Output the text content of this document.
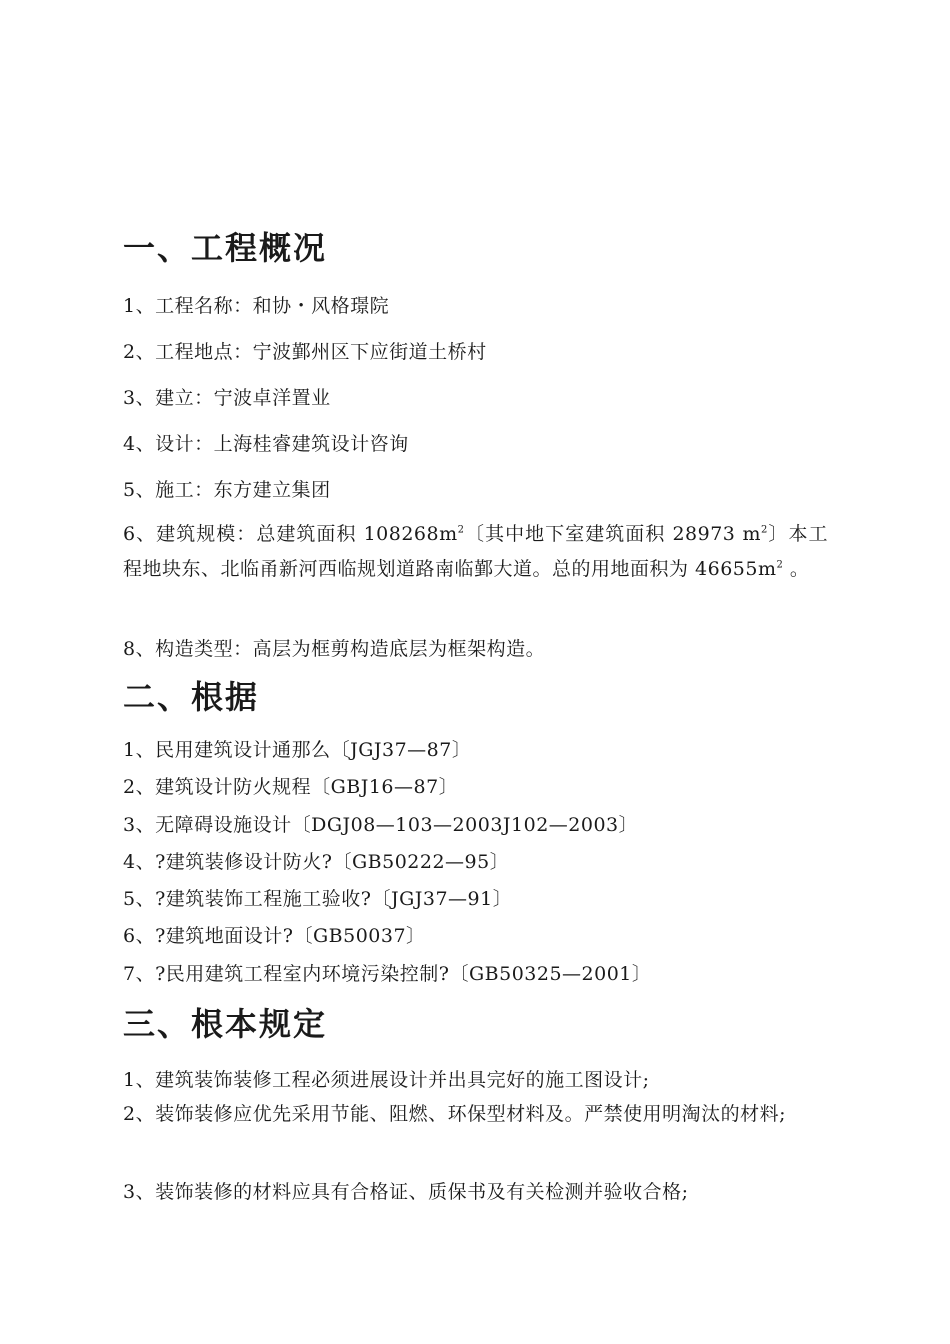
一、工程概况
1、工程名称：和协・风格璟院
2、工程地点：宁波鄞州区下应街道土桥村
3、建立：宁波卓洋置业
4、设计：上海桂睿建筑设计咨询
5、施工：东方建立集团
6、建筑规模：总建筑面积 $108268m^2$〔其中地下室建筑面积 28973 $m^2$〕本工程地块东、北临甬新河西临规划道路南临鄞大道。总的用地面积为 $46655m^2$ 。
8、构造类型：高层为框剪构造底层为框架构造。
二、根据
1、民用建筑设计通那么〔JGJ37—87〕
2、建筑设计防火规程〔GBJ16—87〕
3、无障碍设施设计〔DGJ08—103—2003J102—2003〕
4、?建筑装修设计防火?〔GB50222—95〕
5、?建筑装饰工程施工验收?〔JGJ37—91〕
6、?建筑地面设计?〔GB50037〕
7、?民用建筑工程室内环境污染控制?〔GB50325—2001〕
三、根本规定
1、建筑装饰装修工程必须进展设计并出具完好的施工图设计;
2、装饰装修应优先采用节能、阻燃、环保型材料及。严禁使用明淘汰的材料;
3、装饰装修的材料应具有合格证、质保书及有关检测并验收合格;
